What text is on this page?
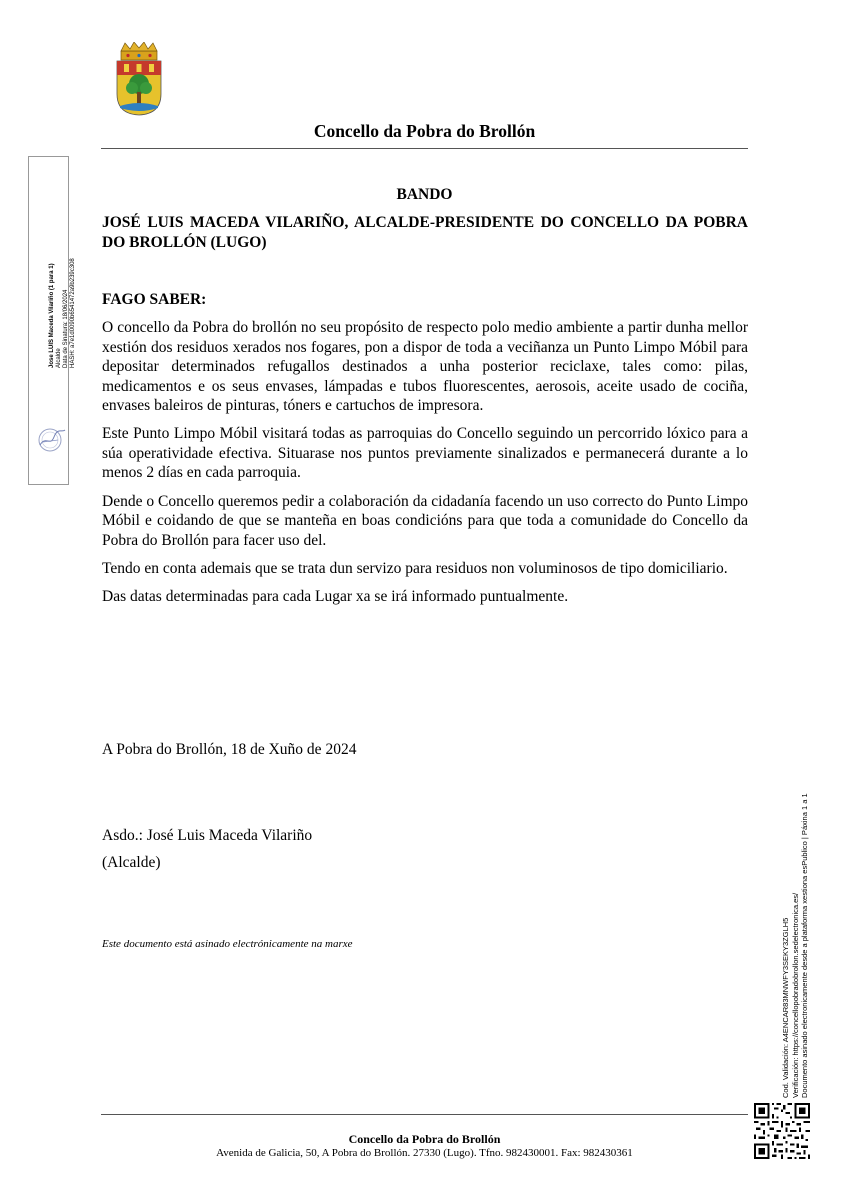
Concello da Pobra do Brollón
Jose LUIS Maceda Vilariño (1 para 1) Alcalde Data de Sinatura: 18/06/2024 HASH: a7e1d0090b6541472a9b239c308
BANDO
JOSÉ LUIS MACEDA VILARIÑO, ALCALDE-PRESIDENTE DO CONCELLO DA POBRA DO BROLLÓN (LUGO)
FAGO SABER:

O concello da Pobra do brollón no seu propósito de respecto polo medio ambiente a partir dunha mellor xestión dos residuos xerados nos fogares, pon a dispor de toda a veciñanza un Punto Limpo Móbil para depositar determinados refugallos destinados a unha posterior reciclaxe, tales como: pilas, medicamentos e os seus envases, lámpadas e tubos fluorescentes, aerosois, aceite usado de cociña, envases baleiros de pinturas, tóners e cartuchos de impresora.

Este Punto Limpo Móbil visitará todas as parroquias do Concello seguindo un percorrido lóxico para a súa operatividade efectiva. Situarase nos puntos previamente sinalizados e permanecerá durante a lo menos 2 días en cada parroquia.

Dende o Concello queremos pedir a colaboración da cidadanía facendo un uso correcto do Punto Limpo Móbil e coidando de que se manteña en boas condicións para que toda a comunidade do Concello da Pobra do Brollón para facer uso del.

Tendo en conta ademais que se trata dun servizo para residuos non voluminosos de tipo domiciliario.

Das datas determinadas para cada Lugar xa se irá informado puntualmente.

A Pobra do Brollón, 18 de Xuño de 2024
Asdo.: José Luis Maceda Vilariño
(Alcalde)
Este documento está asinado electrónicamente na marxe	Cod. Validación: A4ENCAR83MNWFY3SEKY3ZGLH5 Verificación: https://concellopobradobrollon.sedelectronica.es/ Documento asinado electronicamente desde a plataforma xestiona esPublico | Páxina 1 a 1
Concello da Pobra do Brollón
Avenida de Galicia, 50, A Pobra do Brollón. 27330 (Lugo). Tfno. 982430001. Fax: 982430361
